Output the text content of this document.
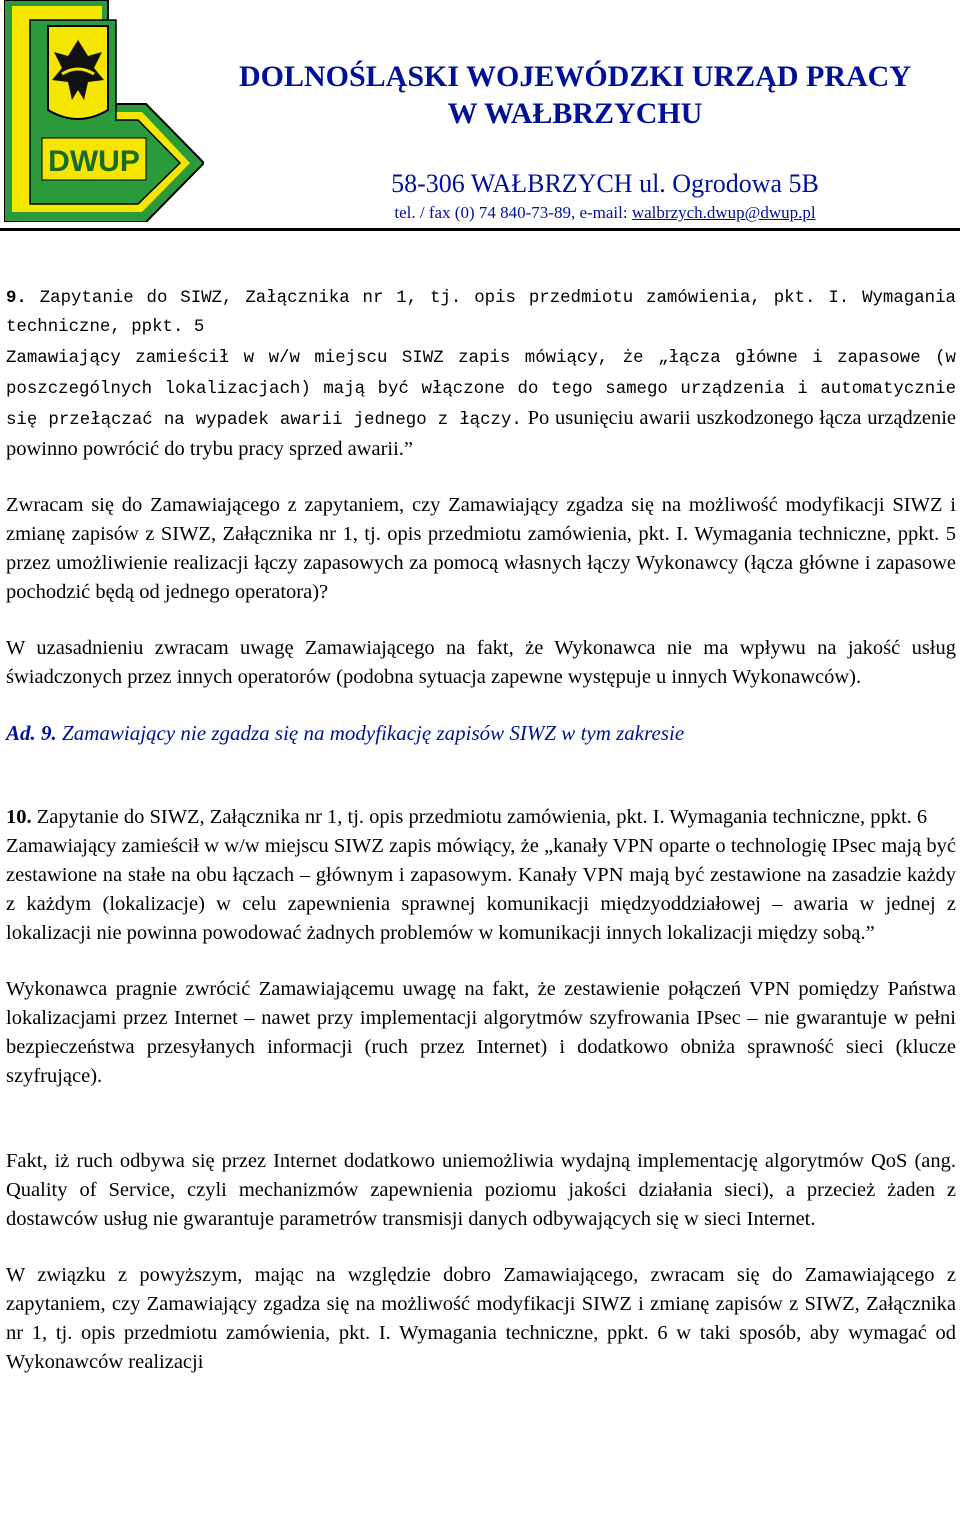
DWUP
DOLNOŚLĄSKI WOJEWÓDZKI URZĄD PRACY
W WAŁBRZYCHU
58-306 WAŁBRZYCH ul. Ogrodowa 5B
tel. / fax (0) 74 840-73-89, e-mail: walbrzych.dwup@dwup.pl

9. Zapytanie do SIWZ, Załącznika nr 1, tj. opis przedmiotu zamówienia, pkt. I. Wymagania techniczne, ppkt. 5

Zamawiający zamieścił w w/w miejscu SIWZ zapis mówiący, że „łącza główne i zapasowe (w poszczególnych lokalizacjach) mają być włączone do tego samego urządzenia i automatycznie się przełączać na wypadek awarii jednego z łączy. Po usunięciu awarii uszkodzonego łącza urządzenie powinno powrócić do trybu pracy sprzed awarii.”

Zwracam się do Zamawiającego z zapytaniem, czy Zamawiający zgadza się na możliwość modyfikacji SIWZ i zmianę zapisów z SIWZ, Załącznika nr 1, tj. opis przedmiotu zamówienia, pkt. I. Wymagania techniczne, ppkt. 5 przez umożliwienie realizacji łączy zapasowych za pomocą własnych łączy Wykonawcy (łącza główne i zapasowe pochodzić będą od jednego operatora)?

W uzasadnieniu zwracam uwagę Zamawiającego na fakt, że Wykonawca nie ma wpływu na jakość usług świadczonych przez innych operatorów (podobna sytuacja zapewne występuje u innych Wykonawców).

Ad. 9. Zamawiający nie zgadza się na modyfikację zapisów SIWZ w tym zakresie

10. Zapytanie do SIWZ, Załącznika nr 1, tj. opis przedmiotu zamówienia, pkt. I. Wymagania techniczne, ppkt. 6

Zamawiający zamieścił w w/w miejscu SIWZ zapis mówiący, że „kanały VPN oparte o technologię IPsec mają być zestawione na stałe na obu łączach – głównym i zapasowym. Kanały VPN mają być zestawione na zasadzie każdy z każdym (lokalizacje) w celu zapewnienia sprawnej komunikacji międzyoddziałowej – awaria w jednej z lokalizacji nie powinna powodować żadnych problemów w komunikacji innych lokalizacji między sobą.”

Wykonawca pragnie zwrócić Zamawiającemu uwagę na fakt, że zestawienie połączeń VPN pomiędzy Państwa lokalizacjami przez Internet – nawet przy implementacji algorytmów szyfrowania IPsec – nie gwarantuje w pełni bezpieczeństwa przesyłanych informacji (ruch przez Internet) i dodatkowo obniża sprawność sieci (klucze szyfrujące).

Fakt, iż ruch odbywa się przez Internet dodatkowo uniemożliwia wydajną implementację algorytmów QoS (ang. Quality of Service, czyli mechanizmów zapewnienia poziomu jakości działania sieci), a przecież żaden z dostawców usług nie gwarantuje parametrów transmisji danych odbywających się w sieci Internet.

W związku z powyższym, mając na względzie dobro Zamawiającego, zwracam się do Zamawiającego z zapytaniem, czy Zamawiający zgadza się na możliwość modyfikacji SIWZ i zmianę zapisów z SIWZ, Załącznika nr 1, tj. opis przedmiotu zamówienia, pkt. I. Wymagania techniczne, ppkt. 6 w taki sposób, aby wymagać od Wykonawców realizacji
